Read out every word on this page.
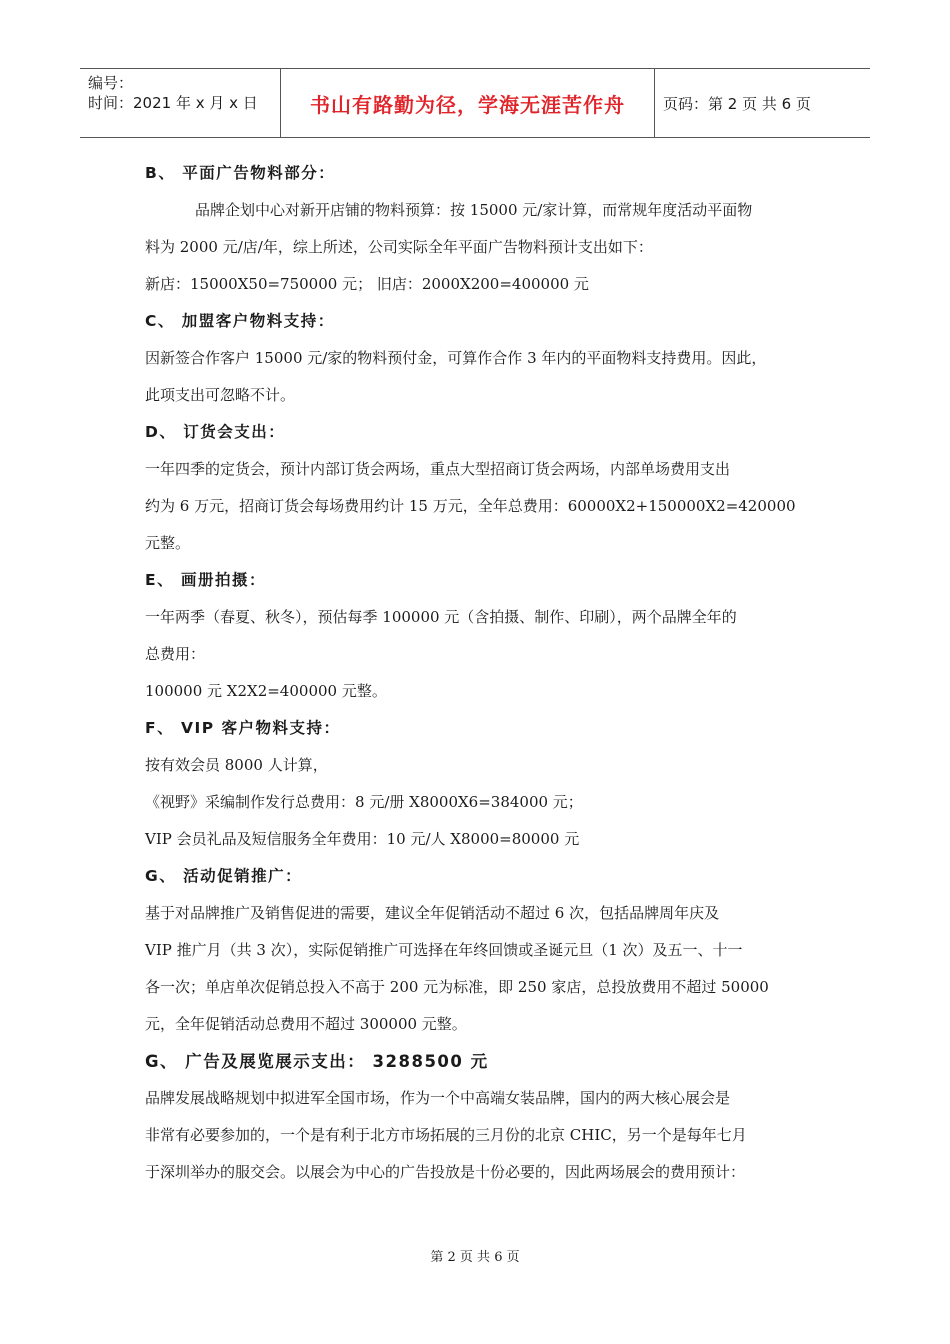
编号：
时间：2021 年 x 月 x 日	书山有路勤为径，学海无涯苦作舟	页码：第 2 页 共 6 页
B、 平面广告物料部分：
品牌企划中心对新开店铺的物料预算：按 15000 元/家计算，而常规年度活动平面物
料为 2000 元/店/年，综上所述，公司实际全年平面广告物料预计支出如下：
新店：15000X50=750000 元； 旧店：2000X200=400000 元
C、 加盟客户物料支持：
因新签合作客户 15000 元/家的物料预付金，可算作合作 3 年内的平面物料支持费用。因此，
此项支出可忽略不计。
D、 订货会支出：
一年四季的定货会，预计内部订货会两场，重点大型招商订货会两场，内部单场费用支出
约为 6 万元，招商订货会每场费用约计 15 万元，全年总费用：60000X2+150000X2=420000
元整。
E、 画册拍摄：
一年两季（春夏、秋冬），预估每季 100000 元（含拍摄、制作、印刷），两个品牌全年的
总费用：
100000 元 X2X2=400000 元整。
F、 VIP 客户物料支持：
按有效会员 8000 人计算，
《视野》采编制作发行总费用：8 元/册 X8000X6=384000 元；
VIP 会员礼品及短信服务全年费用：10 元/人 X8000=80000 元
G、 活动促销推广：
基于对品牌推广及销售促进的需要，建议全年促销活动不超过 6 次，包括品牌周年庆及
VIP 推广月（共 3 次），实际促销推广可选择在年终回馈或圣诞元旦（1 次）及五一、十一
各一次；单店单次促销总投入不高于 200 元为标准，即 250 家店，总投放费用不超过 50000
元，全年促销活动总费用不超过 300000 元整。
G、 广告及展览展示支出： 3288500 元
品牌发展战略规划中拟进军全国市场，作为一个中高端女装品牌，国内的两大核心展会是
非常有必要参加的，一个是有利于北方市场拓展的三月份的北京 CHIC，另一个是每年七月
于深圳举办的服交会。以展会为中心的广告投放是十份必要的，因此两场展会的费用预计：
第 2 页 共 6 页
